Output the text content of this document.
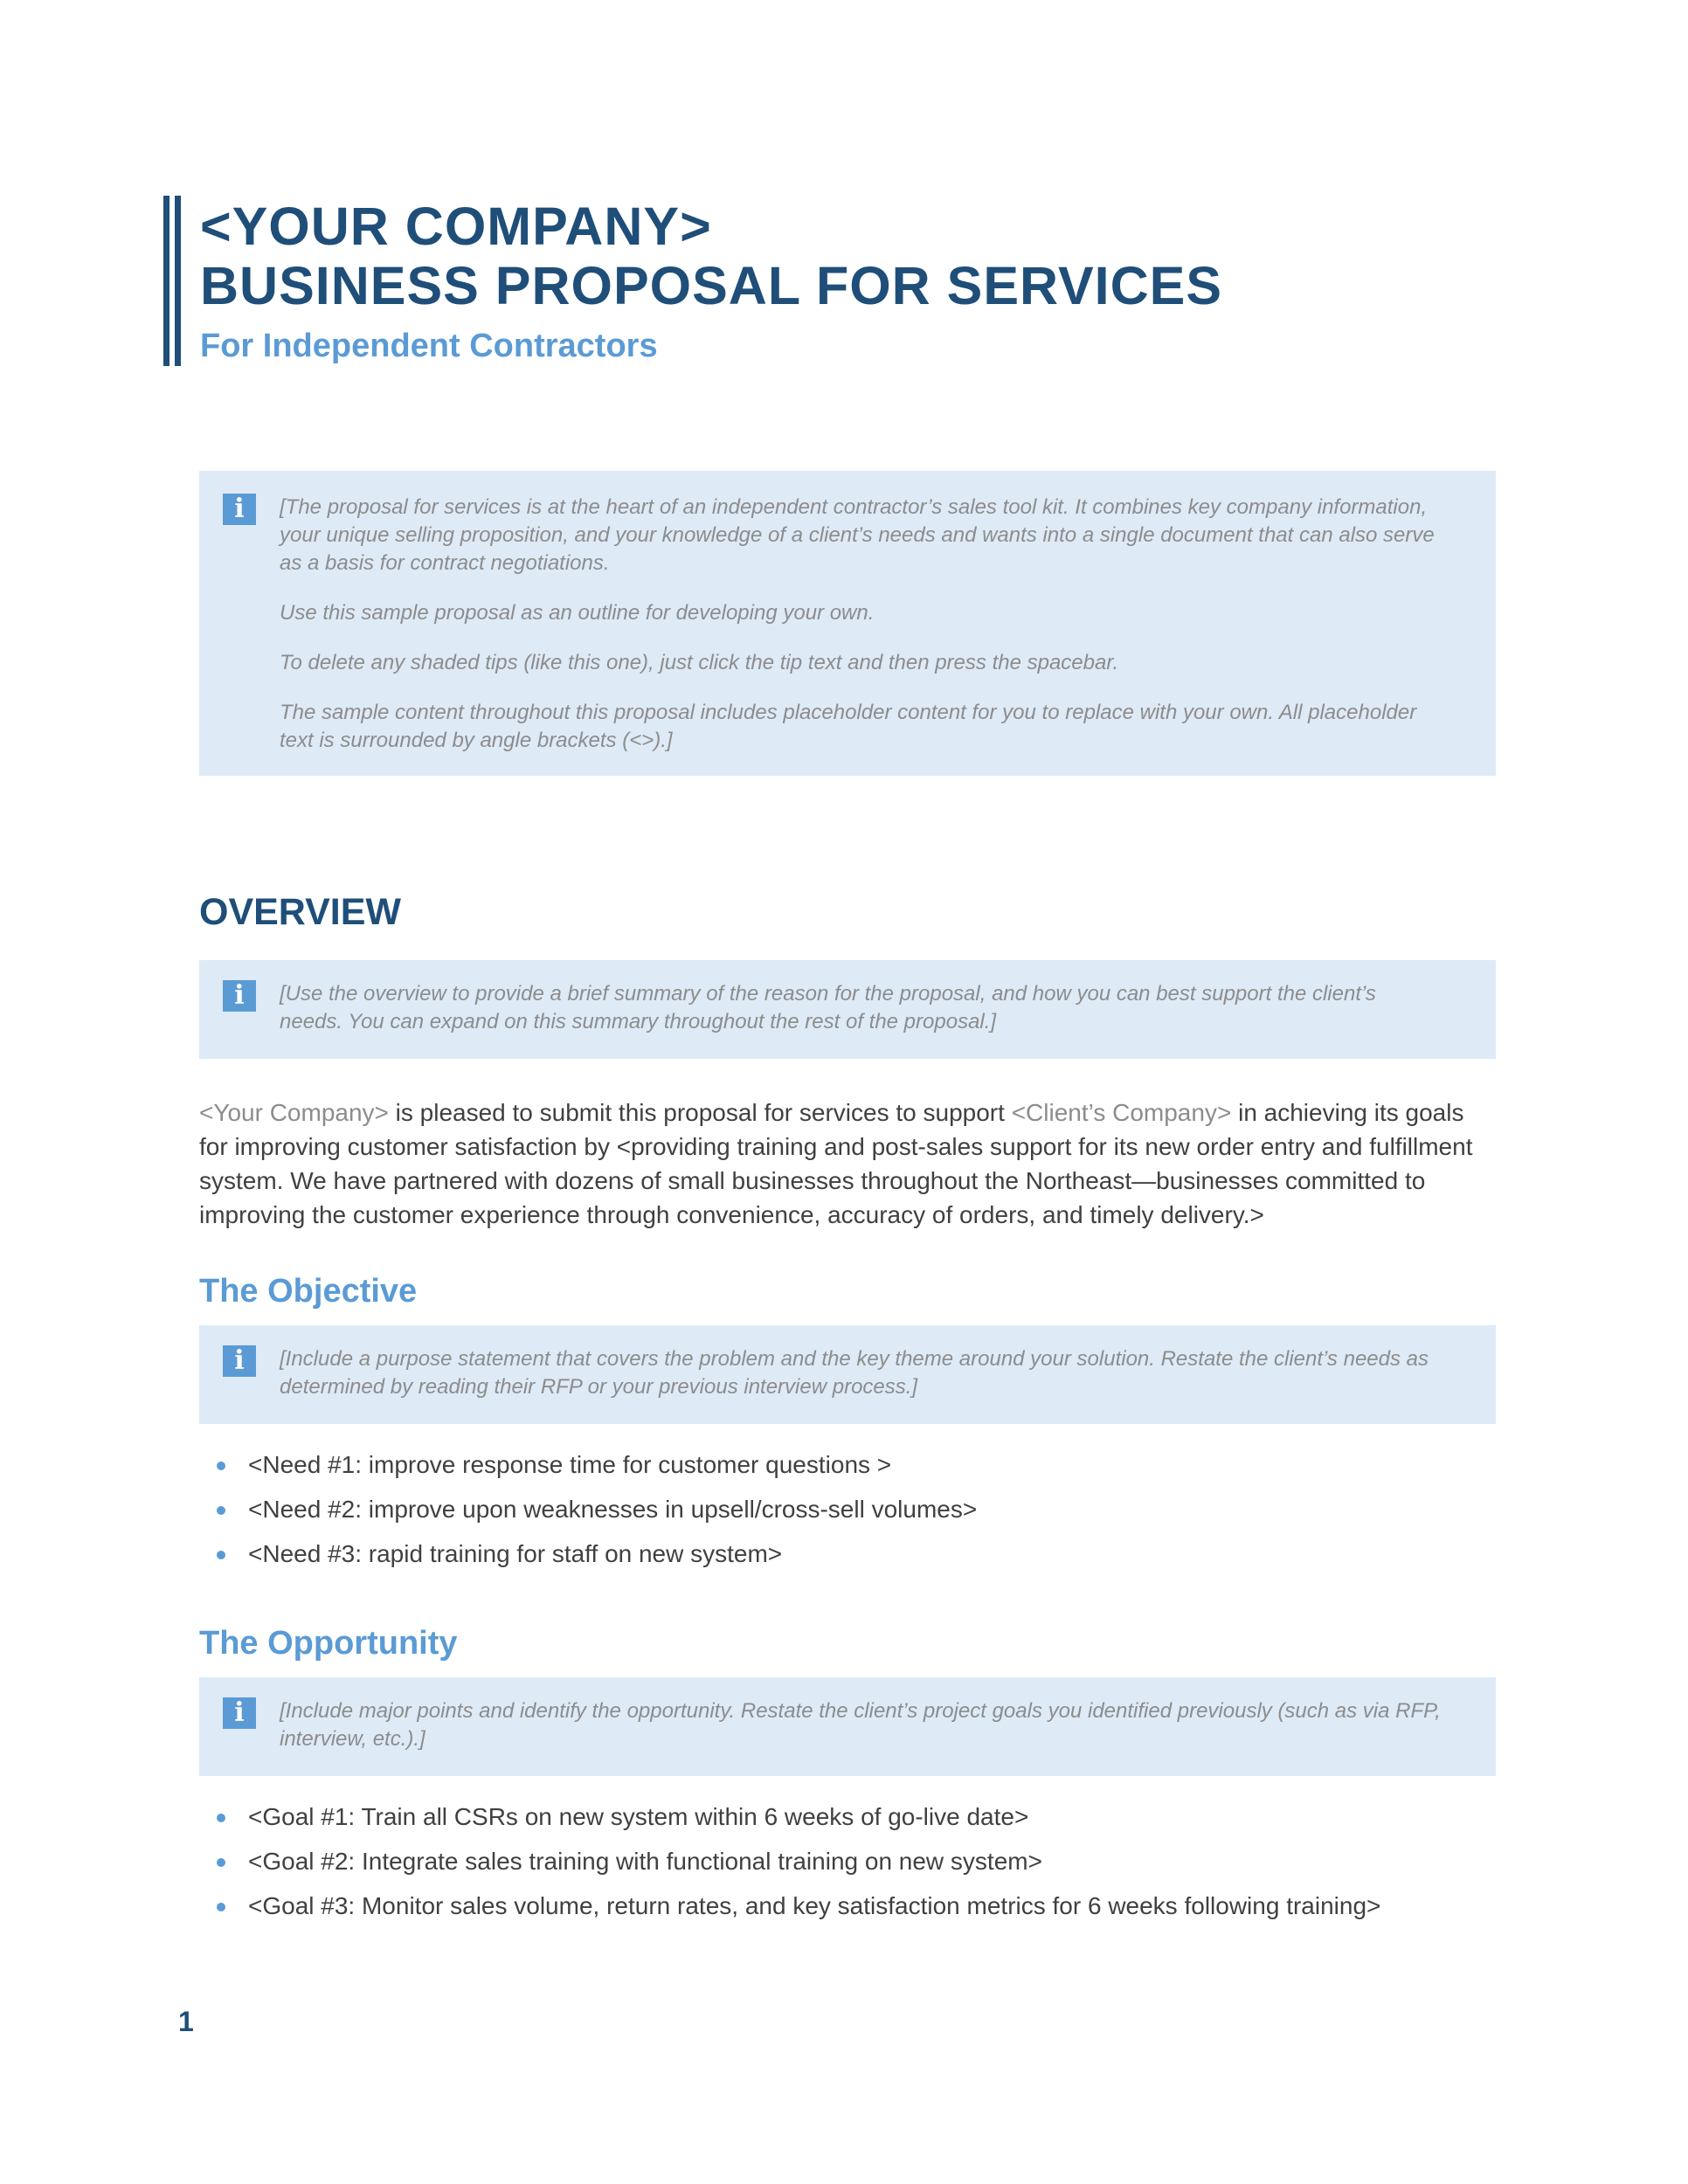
<YOUR COMPANY>
BUSINESS PROPOSAL FOR SERVICES
For Independent Contractors
i	[The proposal for services is at the heart of an independent contractor’s sales tool kit. It combines key company information, your unique selling proposition, and your knowledge of a client’s needs and wants into a single document that can also serve as a basis for contract negotiations.

Use this sample proposal as an outline for developing your own.

To delete any shaded tips (like this one), just click the tip text and then press the spacebar.

The sample content throughout this proposal includes placeholder content for you to replace with your own. All placeholder text is surrounded by angle brackets (<>).]

OVERVIEW
i	[Use the overview to provide a brief summary of the reason for the proposal, and how you can best support the client’s needs. You can expand on this summary throughout the rest of the proposal.]

<Your Company> is pleased to submit this proposal for services to support <Client’s Company> in achieving its goals for improving customer satisfaction by <providing training and post-sales support for its new order entry and fulfillment system. We have partnered with dozens of small businesses throughout the Northeast—businesses committed to improving the customer experience through convenience, accuracy of orders, and timely delivery.>

The Objective
i	[Include a purpose statement that covers the problem and the key theme around your solution. Restate the client’s needs as determined by reading their RFP or your previous interview process.]

<Need #1: improve response time for customer questions >
<Need #2: improve upon weaknesses in upsell/cross-sell volumes>
<Need #3: rapid training for staff on new system>
The Opportunity
i	[Include major points and identify the opportunity. Restate the client’s project goals you identified previously (such as via RFP, interview, etc.).]

<Goal #1: Train all CSRs on new system within 6 weeks of go-live date>
<Goal #2: Integrate sales training with functional training on new system>
<Goal #3: Monitor sales volume, return rates, and key satisfaction metrics for 6 weeks following training>
1
